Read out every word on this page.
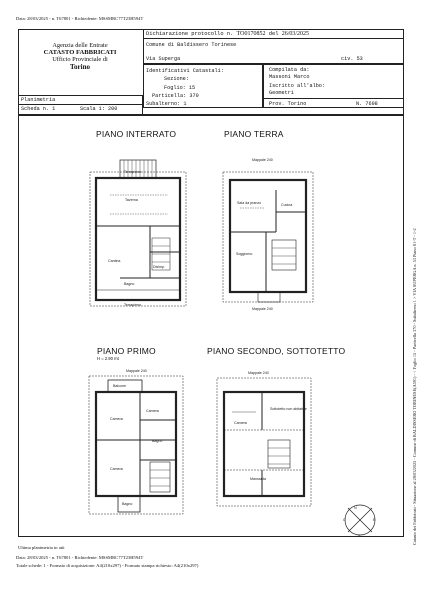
Data: 28/03/2025 - n. T67801 - Richiedente: MSSMRC77T23H594T
Agenzia delle Entrate
CATASTO FABBRICATI
Ufficio Provinciale di
Torino
Dichiarazione protocollo n. TO0170852 del 26/03/2025
Comune di Baldissero Torinese
Via Superga	civ. 53
Identificativi Catastali:
Sezione:
Foglio: 15
Particella: 370
Subalterno: 1
Compilata da:
Massoni Marco
Iscritto all'albo:
Geometri
Prov. Torino	N. 7698
Planimetria
Scheda n. 1	Scala 1: 200
PIANO INTERRATO	PIANO TERRA
PIANO PRIMO
H = 2.90 mt
PIANO SECONDO, SOTTOTETTO
Taverna
Cantina
Disimp.
Bagno
Terrapieno
Terrapieno
Sala da pranzo	Cucina
Soggiorno
Mappale 240
Mappale 240
Balcone
Camera
Camera
Camera
Bagno
Bagno
Mappale 240
Sottotetto non abitabile
Camera
Mansarda
Mappale 240
N
E
S
O	Catasto dei Fabbricati - Situazione al 28/03/2025 - Comune di BALDISSERO TORINESE(A591) - < Foglio 15 - Particella 370 - Subalterno 1 > VIA SUPERGA n. 53 Piano S1-T - 1-2
Ultima planimetria in atti
Data: 28/03/2025 - n. T67801 - Richiedente: MSSMRC77T23H594T
Totale schede: 1 - Formato di acquisizione: A4(210x297) - Formato stampa richiesto: A4(210x297)
